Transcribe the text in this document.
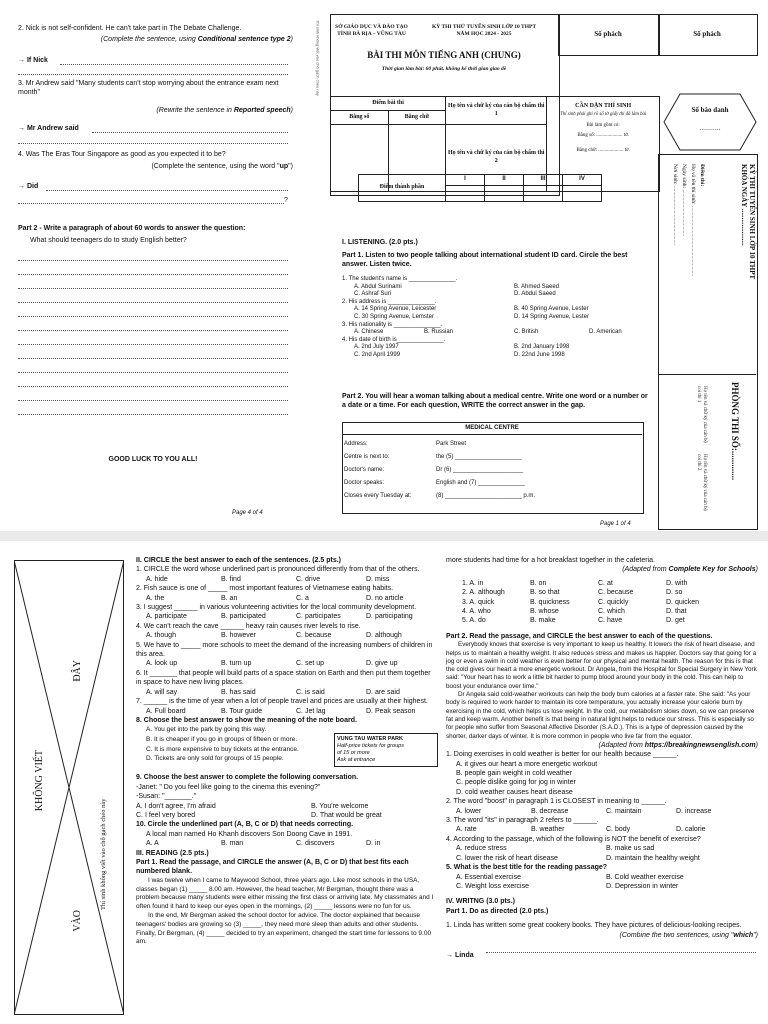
2. Nick is not self-confident. He can't take part in The Debate Challenge.
(Complete the sentence, using Conditional sentence type 2)
→ If Nick
3. Mr Andrew said "Many students can't stop worrying about the entrance exam next month"
(Rewrite the sentence in Reported speech)
→ Mr Andrew said
4. Was The Eras Tour Singapore as good as you expected it to be?
(Complete the sentence, using the word "up")
→ Did
?
Part 2 - Write a paragraph of about 60 words to answer the question:
What should teenagers do to study English better?
GOOD LUCK TO YOU ALL!
Page 4 of 4
Thí sinh không viết vào chỗ gạch chéo này	SỞ GIÁO DỤC VÀ ĐÀO TẠO
TỈNH BÀ RỊA – VŨNG TÀU
KỲ THI THỬ TUYỂN SINH LỚP 10 THPT
NĂM HỌC 2024 - 2025
BÀI THI MÔN TIẾNG ANH (CHUNG)
Thời gian làm bài: 60 phút, không kể thời gian giao đề
Số phách	Số phách
Điểm bài thi		Họ tên và chữ ký của cán bộ chấm thi 1	CẦN DẶN THÍ SINH
Thí sinh phải ghi rõ số tờ giấy thi đã làm bài
Bài làm gồm có:
Bằng số: ..................... tờ.
Bằng chữ: .................... tờ.

Bằng số	Bằng chữ		
		Họ tên và chữ ký của cán bộ chấm thi 2	
Số báo danh
...........
Điểm thành phần	I	II	III	IV
				KỲ THI TUYỂN SINH LỚP 10 THPT
KHÓA NGÀY .....................
Điểm thi:
Họ và tên thí sinh: ...................................................
Ngày sinh: ..................................
Nơi sinh: ...........................................
PHÒNG THI SỐ:.............
Họ tên và chữ ký của cán bộ coi thi 1
Họ tên và chữ ký của cán bộ coi thi 2
I. LISTENING. (2.0 pts.)
Part 1. Listen to two people talking about international student ID card. Circle the best answer. Listen twice.
1. The student's name is ______________.
A. Abdul Surinami	B. Ahmed Saeed
C. Ashraf Suri	D. Abdul Saeed
2. His address is ______________.
A. 14 Spring Avenue, Leicester	B. 40 Spring Avenue, Lester
C. 30 Spring Avenue, Lemster	D. 14 Spring Avenue, Lester
3. His nationality is ______________.
A. Chinese	B. Russian	C. British	D. American
4. His date of birth is______________.
A. 2nd July 1997	B. 2nd January 1998
C. 2nd April 1999	D. 22nd June 1998
Part 2. You will hear a woman talking about a medical centre. Write one word or a number or a date or a time. For each question, WRITE the correct answer in the gap.
MEDICAL CENTRE
Address:	Park Street
Centre is next to:	the (5) ____________________
Doctor's name:	Dr (6) _____________________
Doctor speaks:	English and (7) ______________
Closes every Tuesday at:	(8) _______________________ p.m.
Page 1 of 4
ĐÂY
KHÔNG VIẾT
Thí sinh không viết vào chỗ gạch chéo này
VÀO
II. CIRCLE the best answer to each of the sentences. (2.5 pts.)
1. CIRCLE the word whose underlined part is pronounced differently from that of the others.
A. hide	B. find	C. drive	D. miss
2. Fish sauce is one of _____ most important features of Vietnamese eating habits.
A. the	B. an	C. a	D. no article
3. I suggest ______ in various volunteering activities for the local community development.
A. participate	B. participated	C. participates	D. participating
4. We can't reach the cave ______ heavy rain causes river levels to rise.
A. though	B. however	C. because	D. although
5. We have to _____ more schools to meet the demand of the increasing numbers of children in this area.
A. look up	B. turn up	C. set up	D. give up
6. It _______ that people will build parts of a space station on Earth and then put them together in space to have new living places.
A. will say	B. has said	C. is said	D. are said
7. ______ is the time of year when a lot of people travel and prices are usually at their highest.
A. Full board	B. Tour guide	C. Jet lag	D. Peak season
8. Choose the best answer to show the meaning of the note board.
A. You get into the park by going this way.
B. It is cheaper if you go in groups of fifteen or more.
C. It is more expensive to buy tickets at the entrance.
D. Tickets are only sold for groups of 15 people.
VUNG TAU WATER PARK
Half-price tickets for groups
of 15 or more
Ask at entrance
9. Choose the best answer to complete the following conversation.
-Janet: " Do you feel like going to the cinema this evening?"
-Susan: "_______."
A. I don't agree, I'm afraid	B. You're welcome
C. I feel very bored	D. That would be great
10. Circle the underlined part (A, B, C or D) that needs correcting.
A local man named Ho Khanh discovers Son Doong Cave in 1991.
A. A	B. man	C. discovers	D. in
III. READING (2.5 pts.)
Part 1. Read the passage, and CIRCLE the answer (A, B, C or D) that best fits each numbered blank.
I was twelve when I came to Maywood School, three years ago. Like most schools in the USA, classes began (1) _____ 8.00 am. However, the head teacher, Mr Bergman, thought there was a problem because many students were either missing the first class or arriving late. My classmates and I often found it hard to keep our eyes open in the mornings, (2) _____ lessons were no fun for us.
In the end, Mr Bergman asked the school doctor for advice. The doctor explained that because teenagers' bodies are growing so (3) _____, they need more sleep than adults and other students. Finally, Dr Bergman, (4) _____ decided to try an experiment, changed the start time for lessons to 9.00 am.
more students had time for a hot breakfast together in the cafeteria.
(Adapted from Complete Key for Schools)
1. A. in	B. on	C. at	D. with
2. A. although	B. so that	C. because	D. so
3. A. quick	B. quickness	C. quickly	D. quicken
4. A. who	B. whose	C. which	D. that
5. A. do	B. make	C. have	D. get
Part 2. Read the passage, and CIRCLE the best answer to each of the questions.
Everybody knows that exercise is very important to keep us healthy. It lowers the risk of heart disease, and helps us to maintain a healthy weight. It also reduces stress and makes us happier. Doctors say that going for a jog or even a swim in cold weather is even better for our physical and mental health. The reason for this is that the cold gives our heart a more energetic workout. Dr Angela, from the Hospital for Special Surgery in New York said: "Your heart has to work a little bit harder to pump blood around your body in the cold. This can help to boost your endurance over time."
Dr Angela said cold-weather workouts can help the body burn calories at a faster rate. She said: "As your body is required to work harder to maintain its core temperature, you actually increase your calorie burn by exercising in the cold, which helps us lose weight. In the cold, our metabolism slows down, so we can preserve fat and keep warm. Another benefit is that being in natural light helps to reduce our stress. This is especially so for people who suffer from Seasonal Affective Disorder (S.A.D.). This is a type of depression caused by the shorter, darker days of winter. It is more common in people who live far from the equator.
(Adapted from https://breakingnewsenglish.com)
1. Doing exercises in cold weather is better for our health because ______.
A. it gives our heart a more energetic workout
B. people gain weight in cold weather
C. people dislike going for jog in winter
D. cold weather causes heart disease
2. The word "boost" in paragraph 1 is CLOSEST in meaning to ______.
A. lower	B. decrease	C. maintain	D. increase
3. The word "its" in paragraph 2 refers to ______.
A. rate	B. weather	C. body	D. calorie
4. According to the passage, which of the following is NOT the benefit of exercise?
A. reduce stress	B. make us sad
C. lower the risk of heart disease	D. maintain the healthy weight
5. What is the best title for the reading passage?
A. Essential exercise	B. Cold weather exercise
C. Weight loss exercise	D. Depression in winter
IV. WRITNG (3.0 pts.)
Part 1. Do as directed (2.0 pts.)
1. Linda has written some great cookery books. They have pictures of delicious-looking recipes.
(Combine the two sentences, using "which")
→ Linda
